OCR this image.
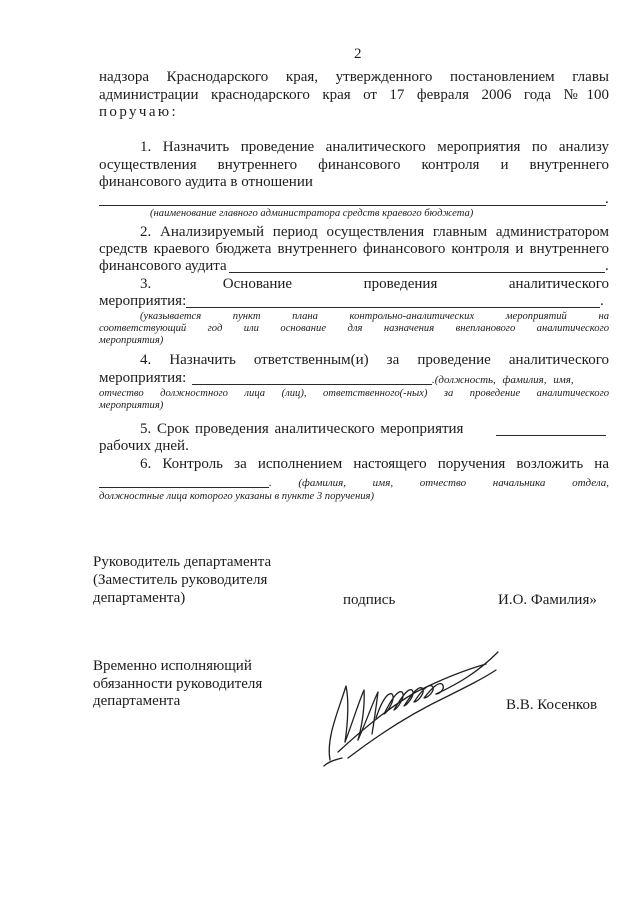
2
надзора Краснодарского края, утвержденного постановлением главы
администрации краснодарского края от 17 февраля 2006 года №100
поручаю:
1. Назначить проведение аналитического мероприятия по анализу
осуществления внутреннего финансового контроля и внутреннего
финансового аудита в отношении
.
(наименование главного администратора средств краевого бюджета)
2. Анализируемый период осуществления главным администратором
средств краевого бюджета внутреннего финансового контроля и внутреннего
финансового аудита	.
3. Основание проведения аналитического
мероприятия:	.
(указывается пункт плана контрольно-аналитических мероприятий на
соответствующий год или основание для назначения внепланового аналитического
мероприятия)
4. Назначить ответственным(и) за проведение аналитического
мероприятия:	.(должность, фамилия, имя,
отчество должностного лица (лиц), ответственного(-ных) за проведение аналитического
мероприятия)
5. Срок проведения аналитического мероприятия
рабочих дней.
6. Контроль за исполнением настоящего поручения возложить на
. (фамилия, имя, отчество начальника отдела,
должностные лица которого указаны в пункте 3 поручения)
Руководитель департамента
(Заместитель руководителя
департамента)	подпись	И.О. Фамилия»
Временно исполняющий
обязанности руководителя
департамента	В.В. Косенков
